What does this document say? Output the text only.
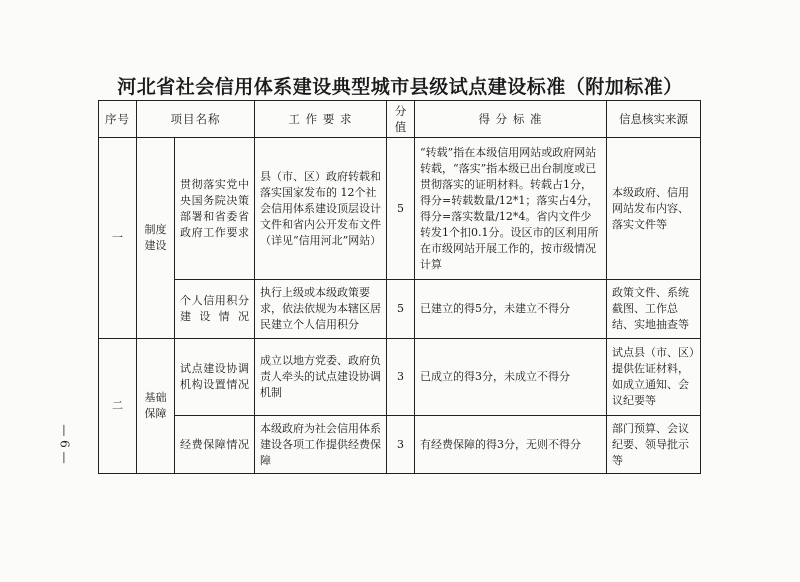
河北省社会信用体系建设典型城市县级试点建设标准（附加标准）
序号	项目名称		工 作 要 求	分值	得 分 标 准	信息核实来源
一	制度建设	贯彻落实党中央国务院决策部署和省委省政府工作要求	县（市、区）政府转载和落实国家发布的 12个社会信用体系建设顶层设计文件和省内公开发布文件（详见“信用河北”网站）	5	“转载”指在本级信用网站或政府网站转载，“落实”指本级已出台制度或已贯彻落实的证明材料。转载占1分，得分=转载数量/12*1；落实占4分，得分=落实数量/12*4。省内文件少转发1个扣0.1分。设区市的区利用所在市级网站开展工作的，按市级情况计算	本级政府、信用网站发布内容、落实文件等
		个人信用积分建设情况	执行上级或本级政策要求，依法依规为本辖区居民建立个人信用积分	5	已建立的得5分，未建立不得分	政策文件、系统截图、工作总结、实地抽查等
二	基础保障	试点建设协调机构设置情况	成立以地方党委、政府负责人牵头的试点建设协调机制	3	已成立的得3分，未成立不得分	试点县（市、区）提供佐证材料，如成立通知、会议纪要等
		经费保障情况	本级政府为社会信用体系建设各项工作提供经费保障	3	有经费保障的得3分，无则不得分	部门预算、会议纪要、领导批示等
— 6 —
